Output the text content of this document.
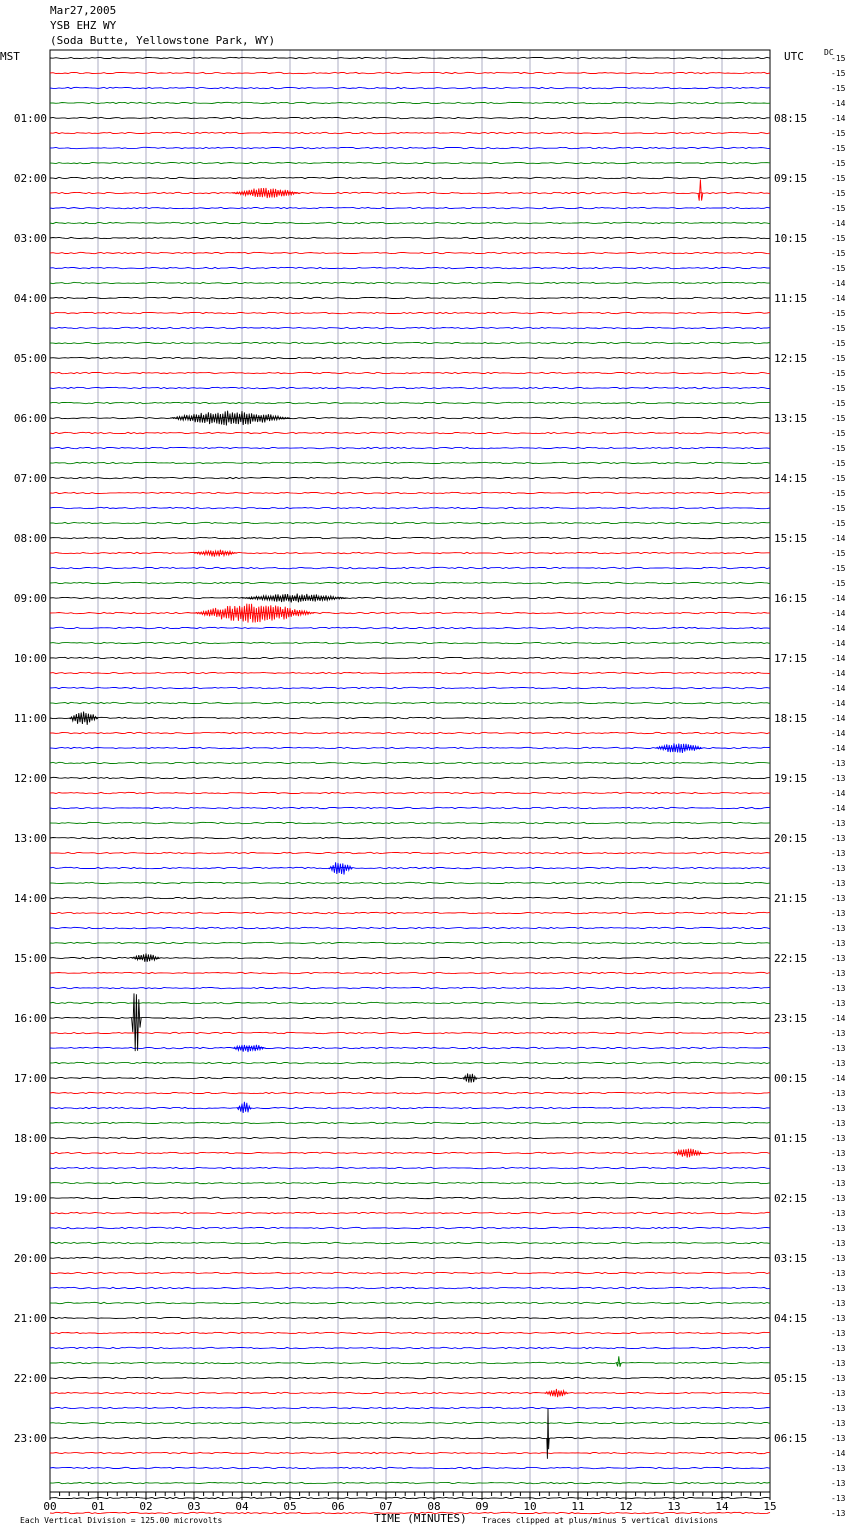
00	01	02	03	04	05	06	07	08	09	10	11	12	13	14	15
01:00
02:00
03:00
04:00
05:00
06:00
07:00
08:00
09:00
10:00
11:00
12:00
13:00
14:00
15:00
16:00
17:00
18:00
19:00
20:00
21:00
22:00
23:00
08:15
09:15
10:15
11:15
12:15
13:15
14:15
15:15
16:15
17:15
18:15
19:15
20:15
21:15
22:15
23:15
00:15
01:15
02:15
03:15
04:15
05:15
06:15
-15
-15
-15
-14
-14
-15
-15
-15
-15
-15
-15
-14
-15
-15
-15
-14
-14
-15
-15
-15
-15
-15
-15
-15
-15
-15
-15
-15
-15
-15
-15
-15
-14
-15
-15
-15
-14
-14
-14
-14
-14
-14
-14
-14
-14
-14
-14
-13
-13
-14
-14
-13
-13
-13
-13
-13
-13
-13
-13
-13
-13
-13
-13
-13
-14
-13
-13
-13
-14
-13
-13
-13
-13
-13
-13
-13
-13
-13
-13
-13
-13
-13
-13
-13
-13
-13
-13
-13
-13
-13
-13
-13
-13
-14
-13
-13
-13
-13
Mar27,2005
YSB EHZ WY
(Soda Butte, Yellowstone Park, WY)
MST	UTC	DC
TIME (MINUTES)
Each Vertical Division = 125.00 microvolts	Traces clipped at plus/minus 5 vertical divisions
